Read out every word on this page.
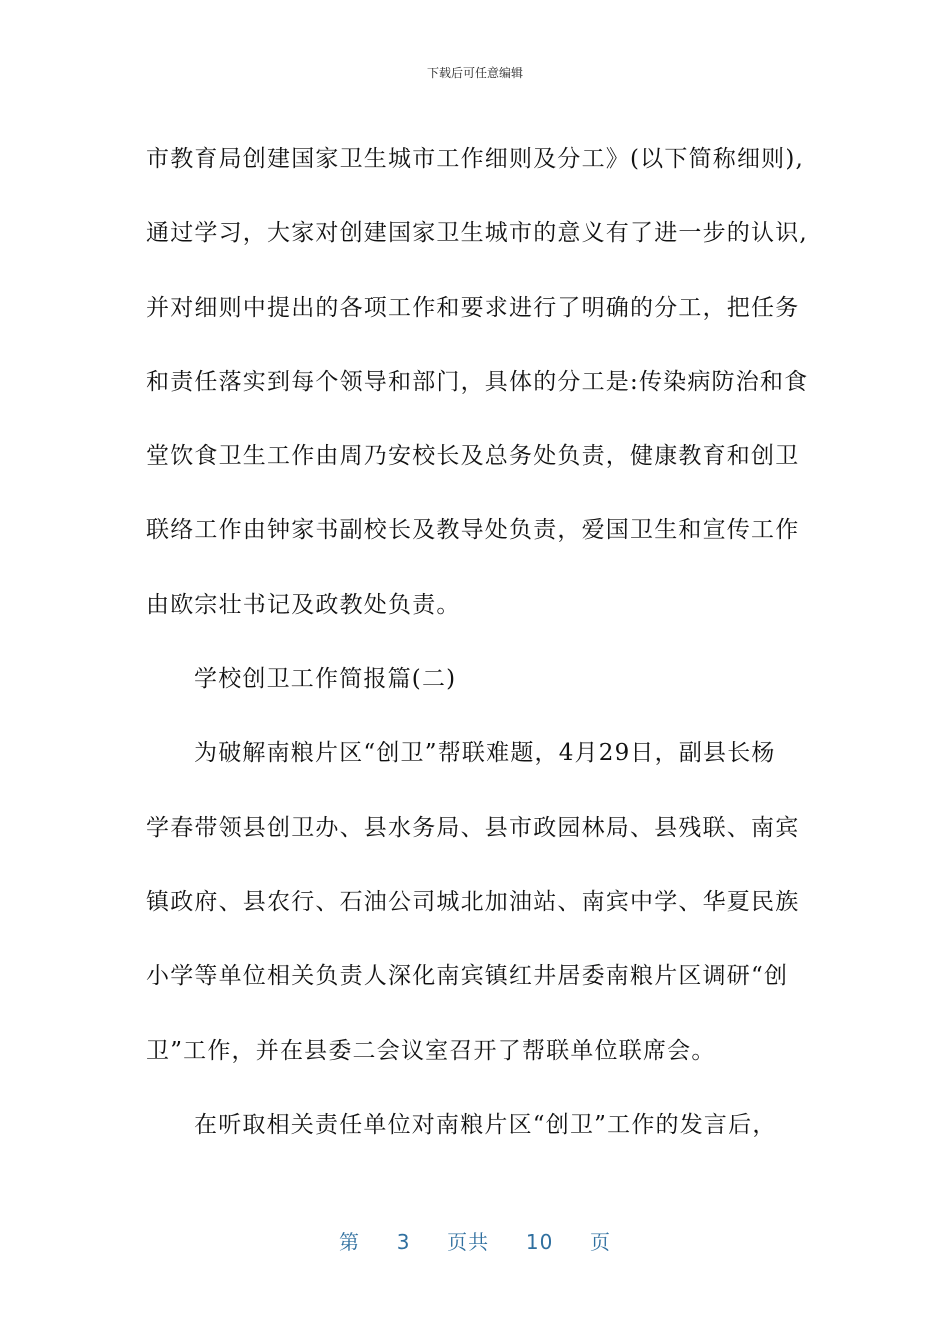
下载后可任意编辑
市教育局创建国家卫生城市工作细则及分工》(以下简称细则),
通过学习，大家对创建国家卫生城市的意义有了进一步的认识,
并对细则中提出的各项工作和要求进行了明确的分工，把任务
和责任落实到每个领导和部门，具体的分工是:传染病防治和食
堂饮食卫生工作由周乃安校长及总务处负责，健康教育和创卫
联络工作由钟家书副校长及教导处负责，爱国卫生和宣传工作
由欧宗壮书记及政教处负责。
学校创卫工作简报篇(二)
为破解南粮片区“创卫”帮联难题，4月29日，副县长杨
学春带领县创卫办、县水务局、县市政园林局、县残联、南宾
镇政府、县农行、石油公司城北加油站、南宾中学、华夏民族
小学等单位相关负责人深化南宾镇红井居委南粮片区调研“创
卫”工作，并在县委二会议室召开了帮联单位联席会。
在听取相关责任单位对南粮片区“创卫”工作的发言后，
第 3 页共 10 页
